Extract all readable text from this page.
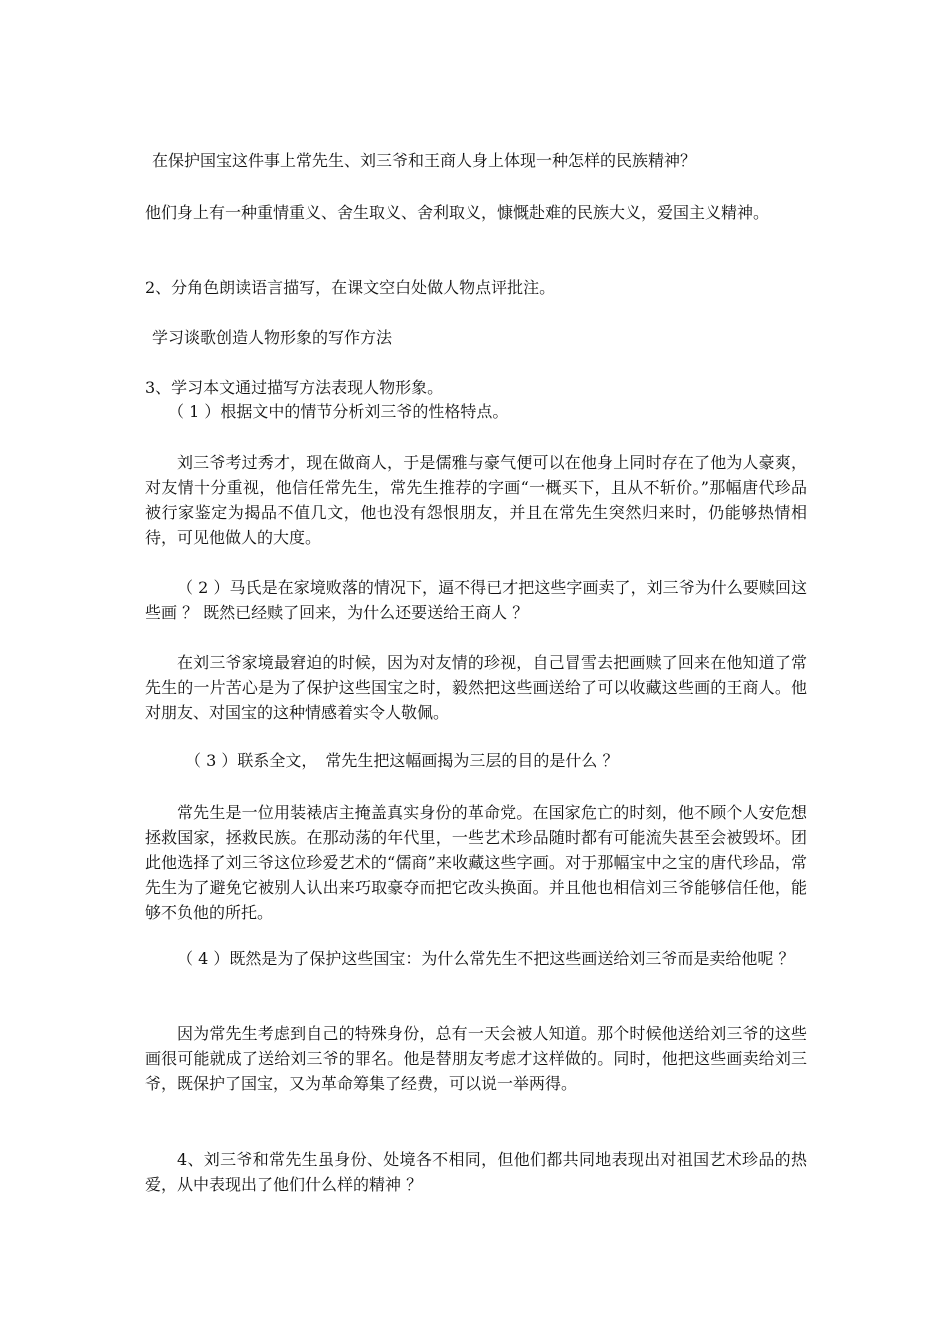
在保护国宝这件事上常先生、刘三爷和王商人身上体现一种怎样的民族精神？

他们身上有一种重情重义、舍生取义、舍利取义，慷慨赴难的民族大义，爱国主义精神。

2、分角色朗读语言描写，在课文空白处做人物点评批注。

学习谈歌创造人物形象的写作方法

3、学习本文通过描写方法表现人物形象。

（ 1 ）根据文中的情节分析刘三爷的性格特点。

刘三爷考过秀才，现在做商人，于是儒雅与豪气便可以在他身上同时存在了他为人豪爽，对友情十分重视，他信任常先生，常先生推荐的字画“一概买下，且从不斩价。”那幅唐代珍品被行家鉴定为揭品不值几文，他也没有怨恨朋友，并且在常先生突然归来时，仍能够热情相待，可见他做人的大度。

（ 2 ）马氏是在家境败落的情况下，逼不得已才把这些字画卖了，刘三爷为什么要赎回这些画 ？ 既然已经赎了回来，为什么还要送给王商人 ？

在刘三爷家境最窘迫的时候，因为对友情的珍视，自己冒雪去把画赎了回来在他知道了常先生的一片苦心是为了保护这些国宝之时，毅然把这些画送给了可以收藏这些画的王商人。他对朋友、对国宝的这种情感着实令人敬佩。

（ 3 ）联系全文，　常先生把这幅画揭为三层的目的是什么 ？

常先生是一位用装裱店主掩盖真实身份的革命党。在国家危亡的时刻，他不顾个人安危想拯救国家，拯救民族。在那动荡的年代里，一些艺术珍品随时都有可能流失甚至会被毁坏。团此他选择了刘三爷这位珍爱艺术的“儒商”来收藏这些字画。对于那幅宝中之宝的唐代珍品，常先生为了避免它被别人认出来巧取豪夺而把它改头换面。并且他也相信刘三爷能够信任他，能够不负他的所托。

（ 4 ）既然是为了保护这些国宝：为什么常先生不把这些画送给刘三爷而是卖给他呢 ？

因为常先生考虑到自己的特殊身份，总有一天会被人知道。那个时候他送给刘三爷的这些画很可能就成了送给刘三爷的罪名。他是替朋友考虑才这样做的。同时，他把这些画卖给刘三爷，既保护了国宝，又为革命筹集了经费，可以说一举两得。

4、刘三爷和常先生虽身份、处境各不相同，但他们都共同地表现出对祖国艺术珍品的热爱，从中表现出了他们什么样的精神 ？
